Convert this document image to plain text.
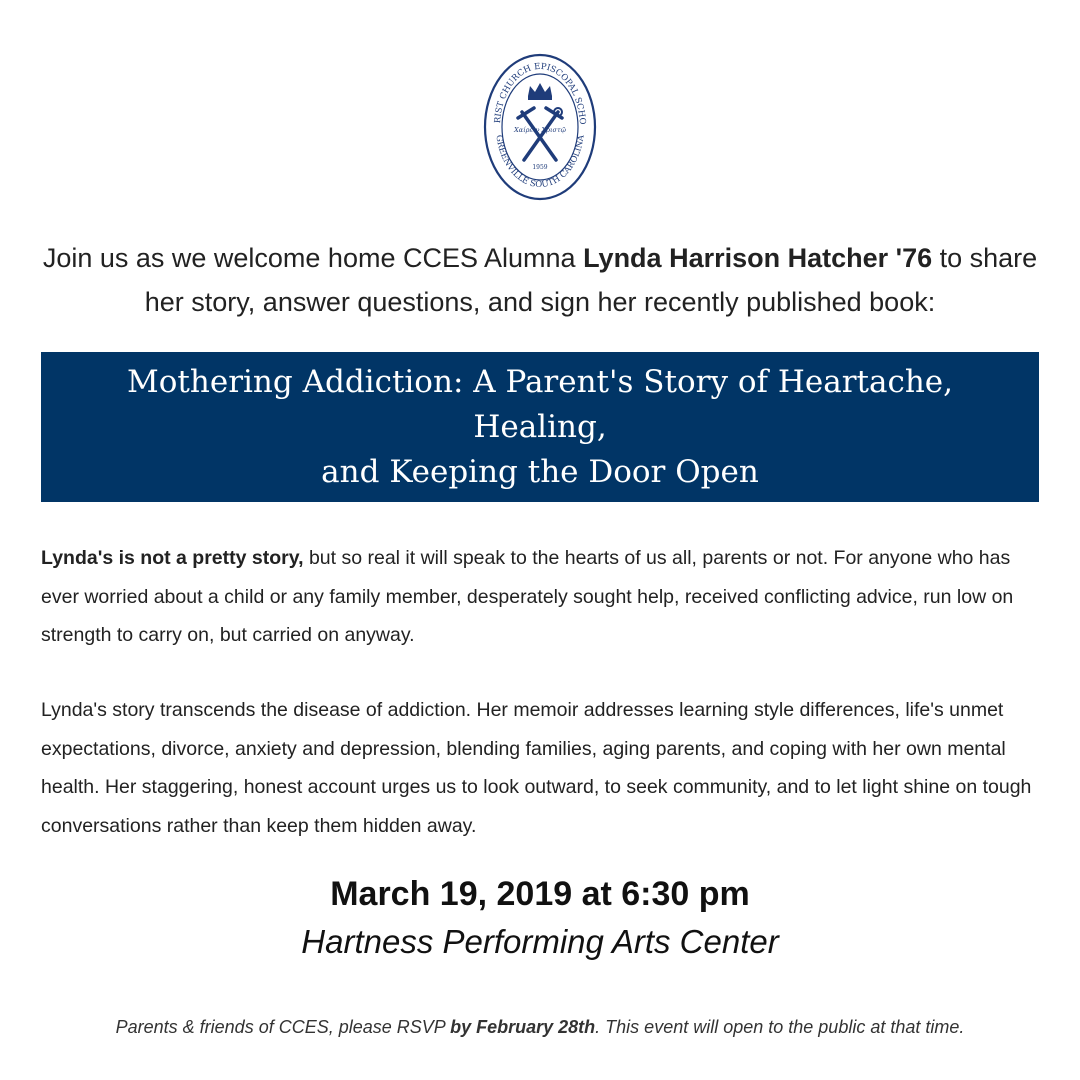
RIST CHURCH EPISCOPAL SCHO
GREENVILLE SOUTH CAROLINA
Χαίρειν Χριστῷ
1959
Join us as we welcome home CCES Alumna Lynda Harrison Hatcher '76 to share her story, answer questions, and sign her recently published book:
Mothering Addiction: A Parent's Story of Heartache, Healing,
and Keeping the Door Open
Lynda's is not a pretty story, but so real it will speak to the hearts of us all, parents or not. For anyone who has ever worried about a child or any family member, desperately sought help, received conflicting advice, run low on strength to carry on, but carried on anyway.
Lynda's story transcends the disease of addiction. Her memoir addresses learning style differences, life's unmet expectations, divorce, anxiety and depression, blending families, aging parents, and coping with her own mental health. Her staggering, honest account urges us to look outward, to seek community, and to let light shine on tough conversations rather than keep them hidden away.
March 19, 2019 at 6:30 pm
Hartness Performing Arts Center
Parents & friends of CCES, please RSVP by February 28th. This event will open to the public at that time.
